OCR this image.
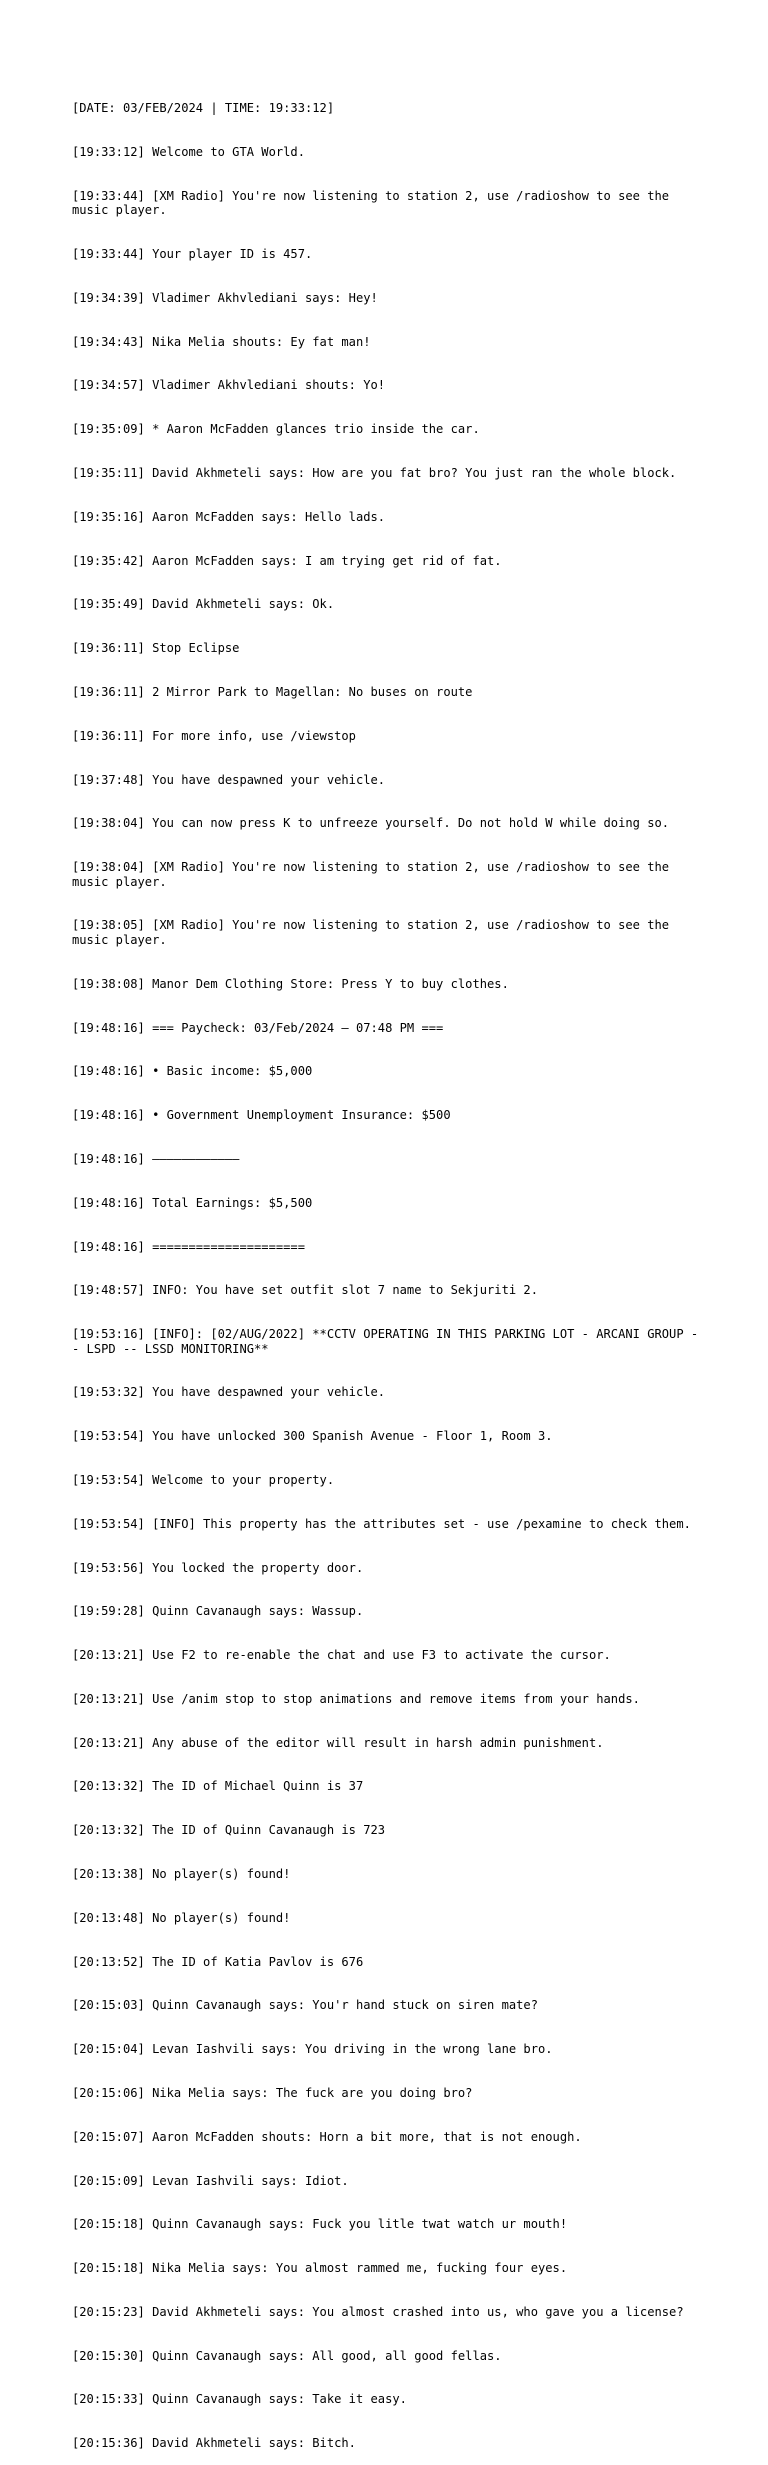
[DATE: 03/FEB/2024 | TIME: 19:33:12]

[19:33:12] Welcome to GTA World.

[19:33:44] [XM Radio] You're now listening to station 2, use /radioshow to see the music player.

[19:33:44] Your player ID is 457.

[19:34:39] Vladimer Akhvlediani says: Hey!

[19:34:43] Nika Melia shouts: Ey fat man!

[19:34:57] Vladimer Akhvlediani shouts: Yo!

[19:35:09] * Aaron McFadden glances trio inside the car.

[19:35:11] David Akhmeteli says: How are you fat bro? You just ran the whole block.

[19:35:16] Aaron McFadden says: Hello lads.

[19:35:42] Aaron McFadden says: I am trying get rid of fat.

[19:35:49] David Akhmeteli says: Ok.

[19:36:11] Stop Eclipse

[19:36:11] 2 Mirror Park to Magellan: No buses on route

[19:36:11] For more info, use /viewstop

[19:37:48] You have despawned your vehicle.

[19:38:04] You can now press K to unfreeze yourself. Do not hold W while doing so.

[19:38:04] [XM Radio] You're now listening to station 2, use /radioshow to see the music player.

[19:38:05] [XM Radio] You're now listening to station 2, use /radioshow to see the music player.

[19:38:08] Manor Dem Clothing Store: Press Y to buy clothes.

[19:48:16] === Paycheck: 03/Feb/2024 — 07:48 PM ===

[19:48:16] • Basic income: $5,000

[19:48:16] • Government Unemployment Insurance: $500

[19:48:16] ————————————

[19:48:16] Total Earnings: $5,500

[19:48:16] =====================

[19:48:57] INFO: You have set outfit slot 7 name to Sekjuriti 2.

[19:53:16] [INFO]: [02/AUG/2022] **CCTV OPERATING IN THIS PARKING LOT - ARCANI GROUP -- LSPD -- LSSD MONITORING**

[19:53:32] You have despawned your vehicle.

[19:53:54] You have unlocked 300 Spanish Avenue - Floor 1, Room 3.

[19:53:54] Welcome to your property.

[19:53:54] [INFO] This property has the attributes set - use /pexamine to check them.

[19:53:56] You locked the property door.

[19:59:28] Quinn Cavanaugh says: Wassup.

[20:13:21] Use F2 to re-enable the chat and use F3 to activate the cursor.

[20:13:21] Use /anim stop to stop animations and remove items from your hands.

[20:13:21] Any abuse of the editor will result in harsh admin punishment.

[20:13:32] The ID of Michael Quinn is 37

[20:13:32] The ID of Quinn Cavanaugh is 723

[20:13:38] No player(s) found!

[20:13:48] No player(s) found!

[20:13:52] The ID of Katia Pavlov is 676

[20:15:03] Quinn Cavanaugh says: You'r hand stuck on siren mate?

[20:15:04] Levan Iashvili says: You driving in the wrong lane bro.

[20:15:06] Nika Melia says: The fuck are you doing bro?

[20:15:07] Aaron McFadden shouts: Horn a bit more, that is not enough.

[20:15:09] Levan Iashvili says: Idiot.

[20:15:18] Quinn Cavanaugh says: Fuck you litle twat watch ur mouth!

[20:15:18] Nika Melia says: You almost rammed me, fucking four eyes.

[20:15:23] David Akhmeteli says: You almost crashed into us, who gave you a license?

[20:15:30] Quinn Cavanaugh says: All good, all good fellas.

[20:15:33] Quinn Cavanaugh says: Take it easy.

[20:15:36] David Akhmeteli says: Bitch.
